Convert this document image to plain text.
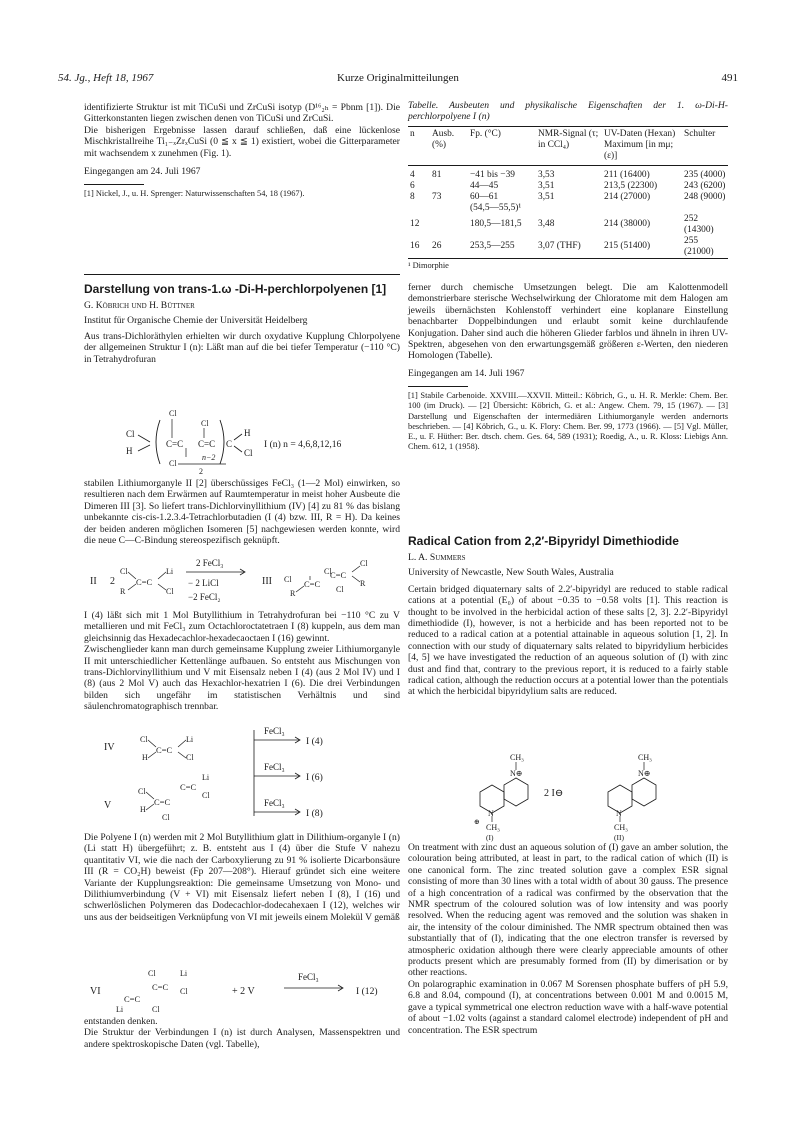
54. Jg., Heft 18, 1967	Kurze Originalmitteilungen	491

identifizierte Struktur ist mit TiCuSi und ZrCuSi isotyp (D¹⁶₂ₕ = Pbnm [1]). Die Gitterkonstanten liegen zwischen denen von TiCuSi und ZrCuSi.

Die bisherigen Ergebnisse lassen darauf schließen, daß eine lückenlose Mischkristallreihe Ti₁₋ₓZrₓCuSi (0 ≦ x ≦ 1) existiert, wobei die Gitterparameter mit wachsendem x zunehmen (Fig. 1).

Eingegangen am 24. Juli 1967

[1] Nickel, J., u. H. Sprenger: Naturwissenschaften 54, 18 (1967).

Darstellung von trans-1.ω -Di-H-perchlorpolyenen [1]

G. Köbrich und H. Büttner

Institut für Organische Chemie der Universität Heidelberg

Aus trans-Dichloräthylen erhielten wir durch oxydative Kupplung Chlorpolyene der allgemeinen Struktur I (n): Läßt man auf die bei tiefer Temperatur (−110 °C) in Tetrahydrofuran

Cl
H
C=C
Cl
Cl
C=C
Cl
n−2
2
C
H
Cl
I (n) n = 4,6,8,12,16

stabilen Lithiumorganyle II [2] überschüssiges FeCl₃ (1—2 Mol) einwirken, so resultieren nach dem Erwärmen auf Raumtemperatur in meist hoher Ausbeute die Dimeren III [3]. So liefert trans-Dichlorvinyllithium (IV) [4] zu 81 % das bislang unbekannte cis-cis-1.2.3.4-Tetrachlorbutadien (I (4) bzw. III, R = H). Da keines der beiden anderen möglichen Isomeren [5] nachgewiesen werden konnte, wird die neue C—C-Bindung stereospezifisch geknüpft.

II 2
Cl
R
C=C
Li
Cl
2 FeCl₃
− 2 LiCl
−2 FeCl₂
III
R
Cl C=C
Cl
C=C
Cl
R
Cl

I (4) läßt sich mit 1 Mol Butyllithium in Tetrahydrofuran bei −110 °C zu V metallieren und mit FeCl₃ zum Octachloroctatetraen I (8) kuppeln, aus dem man gleichsinnig das Hexadecachlor-hexadecaoctaen I (16) gewinnt.

Zwischenglieder kann man durch gemeinsame Kupplung zweier Lithiumorganyle II mit unterschiedlicher Kettenlänge aufbauen. So entsteht aus Mischungen von trans-Dichlorvinyllithium und V mit Eisensalz neben I (4) (aus 2 Mol IV) und I (8) (aus 2 Mol V) auch das Hexachlor-hexatrien I (6). Die drei Verbindungen bilden sich ungefähr im statistischen Verhältnis und sind säulenchromatographisch trennbar.

IV
Cl
H
C=C
Li
Cl
V
Cl
H
C=C
Cl
C=C
Li
Cl
FeCl₃
I (4)
FeCl₃
I (6)
FeCl₃
I (8)

Die Polyene I (n) werden mit 2 Mol Butyllithium glatt in Dilithium-organyle I (n) (Li statt H) übergeführt; z. B. entsteht aus I (4) über die Stufe V nahezu quantitativ VI, wie die nach der Carboxylierung zu 91 % isolierte Dicarbonsäure III (R = CO₂H) beweist (Fp 207—208°). Hierauf gründet sich eine weitere Variante der Kupplungsreaktion: Die gemeinsame Umsetzung von Mono- und Dilithiumverbindung (V + VI) mit Eisensalz liefert neben I (8), I (16) und schwerlöslichen Polymeren das Dodecachlor-dodecahexaen I (12), welches wir uns aus der beidseitigen Verknüpfung von VI mit jeweils einem Molekül V gemäß

VI
Cl	Li
C=C
C=C
Li	Cl
Cl	+ 2 V
FeCl₃
I (12)

entstanden denken.

Die Struktur der Verbindungen I (n) ist durch Analysen, Massenspektren und andere spektroskopische Daten (vgl. Tabelle),

Tabelle. Ausbeuten und physikalische Eigenschaften der 1. ω-Di-H-perchlorpolyene I (n)
n	Ausb. (%)	Fp. (°C)	NMR-Signal (τ; in CCl₄)	UV-Daten (Hexan) Maximum [in mμ; (ε)]	Schulter
4	81	−41 bis −39	3,53	211 (16400)	235 (4000)
6		44—45	3,51	213,5 (22300)	243 (6200)
8	73	60—61	3,51	214 (27000)	248 (9000)
		(54,5—55,5)¹			
12		180,5—181,5	3,48	214 (38000)	252 (14300)
16	26	253,5—255	3,07 (THF)	215 (51400)	255 (21000)

¹ Dimorphie

ferner durch chemische Umsetzungen belegt. Die am Kalottenmodell demonstrierbare sterische Wechselwirkung der Chloratome mit dem Halogen am jeweils übernächsten Kohlenstoff verhindert eine koplanare Einstellung benachbarter Doppelbindungen und erlaubt somit keine durchlaufende Konjugation. Daher sind auch die höheren Glieder farblos und ähneln in ihren UV-Spektren, abgesehen von den erwartungsgemäß größeren ε-Werten, den niederen Homologen (Tabelle).

Eingegangen am 14. Juli 1967

[1] Stabile Carbenoide. XXVIII.—XXVII. Mitteil.: Köbrich, G., u. H. R. Merkle: Chem. Ber. 100 (im Druck). — [2] Übersicht: Köbrich, G. et al.: Angew. Chem. 79, 15 (1967). — [3] Darstellung und Eigenschaften der intermediären Lithiumorganyle werden andernorts beschrieben. — [4] Köbrich, G., u. K. Flory: Chem. Ber. 99, 1773 (1966). — [5] Vgl. Müller, E., u. F. Hüther: Ber. dtsch. chem. Ges. 64, 589 (1931); Roedig, A., u. R. Kloss: Liebigs Ann. Chem. 612, 1 (1958).

Radical Cation from 2,2′-Bipyridyl Dimethiodide

L. A. Summers

University of Newcastle, New South Wales, Australia

Certain bridged diquaternary salts of 2.2′-bipyridyl are reduced to stable radical cations at a potential (E₀) of about −0.35 to −0.58 volts [1]. This reaction is thought to be involved in the herbicidal action of these salts [2, 3]. 2.2′-Bipyridyl dimethiodide (I), however, is not a herbicide and has been reported not to be reduced to a radical cation at a potential attainable in aqueous solution [1, 2]. In connection with our study of diquaternary salts related to bipyridylium herbicides [4, 5] we have investigated the reduction of an aqueous solution of (I) with zinc dust and find that, contrary to the previous report, it is reduced to a fairly stable radical cation, although the reduction occurs at a potential lower than the potentials at which the herbicidal bipyridylium salts are reduced.

CH₃
N⊕
N
⊕
CH₃
(I)
2 I⊖
CH₃
N⊕
N
CH₃
(II)

On treatment with zinc dust an aqueous solution of (I) gave an amber solution, the colouration being attributed, at least in part, to the radical cation of which (II) is one canonical form. The zinc treated solution gave a complex ESR signal consisting of more than 30 lines with a total width of about 30 gauss. The presence of a high concentration of a radical was confirmed by the observation that the NMR spectrum of the coloured solution was of low intensity and was poorly resolved. When the reducing agent was removed and the solution was shaken in air, the intensity of the colour diminished. The NMR spectrum obtained then was substantially that of (I), indicating that the one electron transfer is reversed by atmospheric oxidation although there were clearly appreciable amounts of other products present which are presumably formed from (II) by dimerisation or by other reactions.

On polarographic examination in 0.067 M Sorensen phosphate buffers of pH 5.9, 6.8 and 8.04, compound (I), at concentrations between 0.001 M and 0.0015 M, gave a typical symmetrical one electron reduction wave with a half-wave potential of about −1.02 volts (against a standard calomel electrode) independent of pH and concentration. The ESR spectrum
